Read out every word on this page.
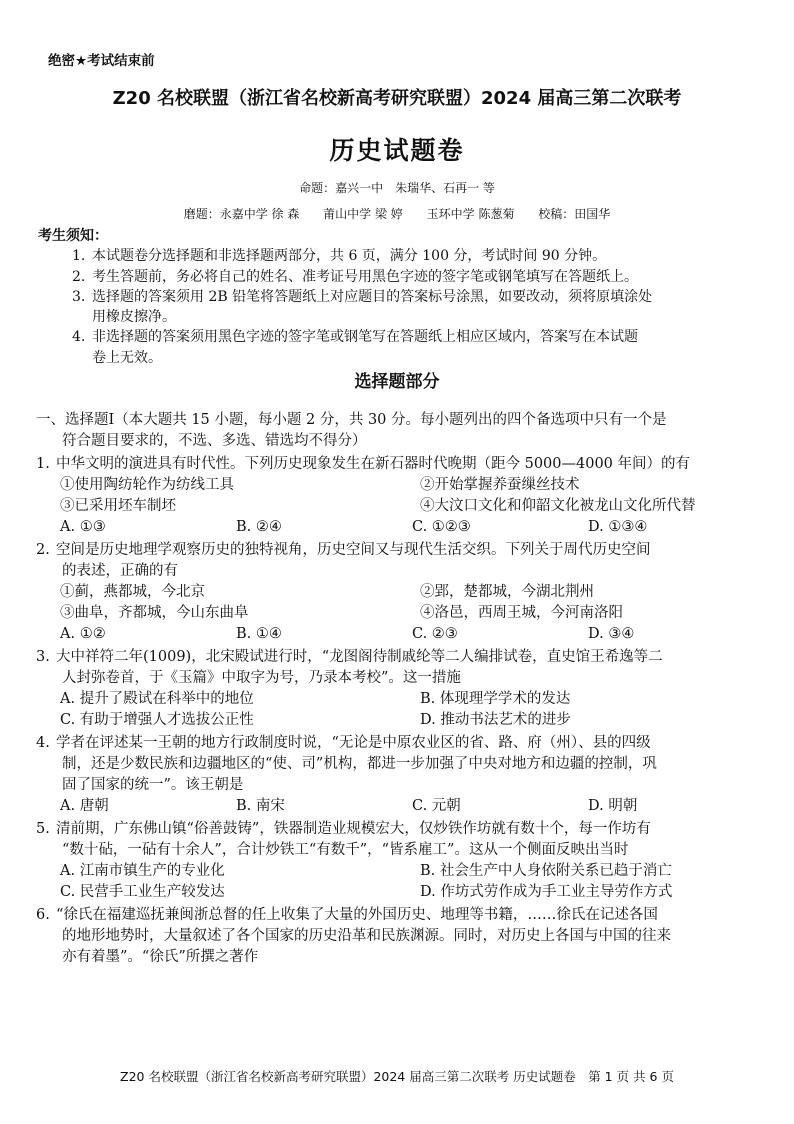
绝密★考试结束前
Z20 名校联盟（浙江省名校新高考研究联盟）2024 届高三第二次联考
历史试题卷
命题：嘉兴一中　朱瑞华、石再一 等
磨题：永嘉中学 徐 森 莆山中学 梁 婷 玉环中学 陈葱菊 校稿：田国华
考生须知：
1. 本试题卷分选择题和非选择题两部分，共 6 页，满分 100 分，考试时间 90 分钟。
2. 考生答题前，务必将自己的姓名、准考证号用黑色字迹的签字笔或钢笔填写在答题纸上。
3. 选择题的答案须用 2B 铅笔将答题纸上对应题目的答案标号涂黑，如要改动，须将原填涂处
用橡皮擦净。
4. 非选择题的答案须用黑色字迹的签字笔或钢笔写在答题纸上相应区域内，答案写在本试题
卷上无效。
选择题部分
一、选择题Ⅰ（本大题共 15 小题，每小题 2 分，共 30 分。每小题列出的四个备选项中只有一个是
符合题目要求的，不选、多选、错选均不得分）
1. 中华文明的演进具有时代性。下列历史现象发生在新石器时代晚期（距今 5000—4000 年间）的有
①使用陶纺轮作为纺线工具	②开始掌握养蚕缫丝技术
③已采用坯车制坯	④大汶口文化和仰韶文化被龙山文化所代替
A. ①③	B. ②④	C. ①②③	D. ①③④
2. 空间是历史地理学观察历史的独特视角，历史空间又与现代生活交织。下列关于周代历史空间
的表述，正确的有
①蓟，燕都城，今北京	②郢，楚都城，今湖北荆州
③曲阜，齐都城，今山东曲阜	④洛邑，西周王城，今河南洛阳
A. ①②	B. ①④	C. ②③	D. ③④
3. 大中祥符二年(1009)，北宋殿试进行时，“龙图阁待制戚纶等二人编排试卷，直史馆王希逸等二
人封弥卷首，于《玉篇》中取字为号，乃录本考校”。这一措施
A. 提升了殿试在科举中的地位	B. 体现理学学术的发达
C. 有助于增强人才选拔公正性	D. 推动书法艺术的进步
4. 学者在评述某一王朝的地方行政制度时说，“无论是中原农业区的省、路、府（州）、县的四级
制，还是少数民族和边疆地区的“使、司”机构，都进一步加强了中央对地方和边疆的控制，巩
固了国家的统一”。该王朝是
A. 唐朝	B. 南宋	C. 元朝	D. 明朝
5. 清前期，广东佛山镇“俗善鼓铸”，铁器制造业规模宏大，仅炒铁作坊就有数十个，每一作坊有
“数十砧，一砧有十余人”，合计炒铁工“有数千”，“皆系雇工”。这从一个侧面反映出当时
A. 江南市镇生产的专业化	B. 社会生产中人身依附关系已趋于消亡
C. 民营手工业生产较发达	D. 作坊式劳作成为手工业主导劳作方式
6. “徐氏在福建巡抚兼闽浙总督的任上收集了大量的外国历史、地理等书籍，……徐氏在记述各国
的地形地势时，大量叙述了各个国家的历史沿革和民族渊源。同时，对历史上各国与中国的往来
亦有着墨”。“徐氏”所撰之著作
Z20 名校联盟（浙江省名校新高考研究联盟）2024 届高三第二次联考 历史试题卷　第 1 页 共 6 页
